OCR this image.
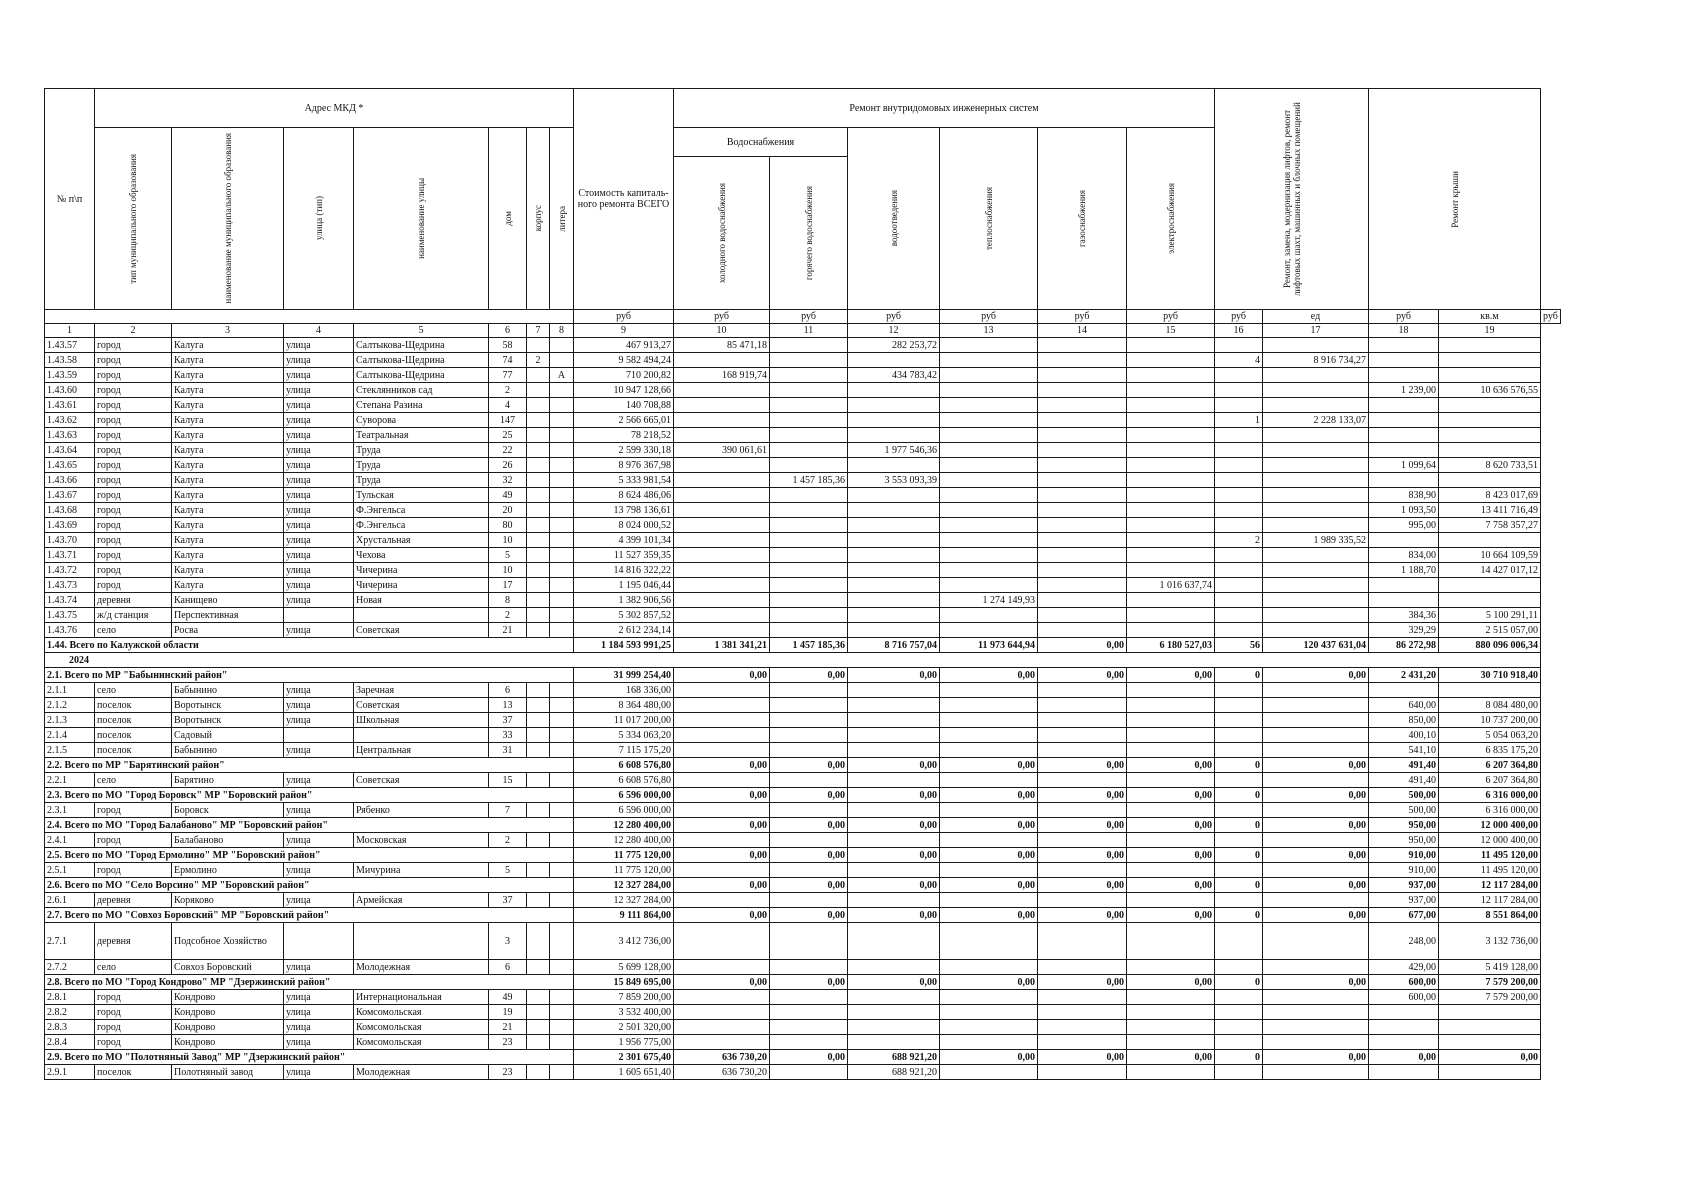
№ п\п	Адрес МКД *							Стоимость капиталь-ного ремонта ВСЕГО	Ремонт внутридомовых инженерных систем						Ремонт, замена, модернизация лифтов, ремонт лифтовых шахт, машинных и блочных помещений		Ремонт крыши		

	тип муниципального образования	наименование муниципального образования	улица (тип)	наименование улицы	дом	корпус	литера		Водоснабжения		водоотведения	теплоснабжения	газоснабжения	электроснабжения					

									холодного водоснабжения	горячего водоснабжения									

								руб	руб	руб	руб	руб	руб	руб	руб	ед	руб	кв.м	руб
1	2	3	4	5	6	7	8	9	10	11	12	13	14	15	16	17	18	19	
1.43.57	город	Калуга	улица	Салтыкова-Щедрина	58			467 913,27	85 471,18		282 253,72								
1.43.58	город	Калуга	улица	Салтыкова-Щедрина	74	2		9 582 494,24							4	8 916 734,27			
1.43.59	город	Калуга	улица	Салтыкова-Щедрина	77		А	710 200,82	168 919,74		434 783,42								
1.43.60	город	Калуга	улица	Стеклянников сад	2			10 947 128,66									1 239,00	10 636 576,55	
1.43.61	город	Калуга	улица	Степана Разина	4			140 708,88											
1.43.62	город	Калуга	улица	Суворова	147			2 566 665,01							1	2 228 133,07			
1.43.63	город	Калуга	улица	Театральная	25			78 218,52											
1.43.64	город	Калуга	улица	Труда	22			2 599 330,18	390 061,61		1 977 546,36								
1.43.65	город	Калуга	улица	Труда	26			8 976 367,98									1 099,64	8 620 733,51	
1.43.66	город	Калуга	улица	Труда	32			5 333 981,54		1 457 185,36	3 553 093,39								
1.43.67	город	Калуга	улица	Тульская	49			8 624 486,06									838,90	8 423 017,69	
1.43.68	город	Калуга	улица	Ф.Энгельса	20			13 798 136,61									1 093,50	13 411 716,49	
1.43.69	город	Калуга	улица	Ф.Энгельса	80			8 024 000,52									995,00	7 758 357,27	
1.43.70	город	Калуга	улица	Хрустальная	10			4 399 101,34							2	1 989 335,52			
1.43.71	город	Калуга	улица	Чехова	5			11 527 359,35									834,00	10 664 109,59	
1.43.72	город	Калуга	улица	Чичерина	10			14 816 322,22									1 188,70	14 427 017,12	
1.43.73	город	Калуга	улица	Чичерина	17			1 195 046,44						1 016 637,74					
1.43.74	деревня	Канищево	улица	Новая	8			1 382 906,56				1 274 149,93							
1.43.75	ж/д станция	Перспективная			2			5 302 857,52									384,36	5 100 291,11	
1.43.76	село	Росва	улица	Советская	21			2 612 234,14									329,29	2 515 057,00	
1.44. Всего по Калужской области								1 184 593 991,25	1 381 341,21	1 457 185,36	8 716 757,04	11 973 644,94	0,00	6 180 527,03	56	120 437 631,04	86 272,98	880 096 006,34	
2024																			
2.1. Всего по МР "Бабынинский район"								31 999 254,40	0,00	0,00	0,00	0,00	0,00	0,00	0	0,00	2 431,20	30 710 918,40	
2.1.1	село	Бабынино	улица	Заречная	6			168 336,00											
2.1.2	поселок	Воротынск	улица	Советская	13			8 364 480,00									640,00	8 084 480,00	
2.1.3	поселок	Воротынск	улица	Школьная	37			11 017 200,00									850,00	10 737 200,00	
2.1.4	поселок	Садовый			33			5 334 063,20									400,10	5 054 063,20	
2.1.5	поселок	Бабынино	улица	Центральная	31			7 115 175,20									541,10	6 835 175,20	
2.2. Всего по МР "Барятинский район"								6 608 576,80	0,00	0,00	0,00	0,00	0,00	0,00	0	0,00	491,40	6 207 364,80	
2.2.1	село	Барятино	улица	Советская	15			6 608 576,80									491,40	6 207 364,80	
2.3. Всего по МО "Город Боровск" МР "Боровский район"								6 596 000,00	0,00	0,00	0,00	0,00	0,00	0,00	0	0,00	500,00	6 316 000,00	
2.3.1	город	Боровск	улица	Рябенко	7			6 596 000,00									500,00	6 316 000,00	
2.4. Всего по МО "Город Балабаново" МР "Боровский район"								12 280 400,00	0,00	0,00	0,00	0,00	0,00	0,00	0	0,00	950,00	12 000 400,00	
2.4.1	город	Балабаново	улица	Московская	2			12 280 400,00									950,00	12 000 400,00	
2.5. Всего по МО "Город Ермолино" МР "Боровский район"								11 775 120,00	0,00	0,00	0,00	0,00	0,00	0,00	0	0,00	910,00	11 495 120,00	
2.5.1	город	Ермолино	улица	Мичурина	5			11 775 120,00									910,00	11 495 120,00	
2.6. Всего по МО "Село Ворсино" МР "Боровский район"								12 327 284,00	0,00	0,00	0,00	0,00	0,00	0,00	0	0,00	937,00	12 117 284,00	
2.6.1	деревня	Коряково	улица	Армейская	37			12 327 284,00									937,00	12 117 284,00	
2.7. Всего по МО "Совхоз Боровский" МР "Боровский район"								9 111 864,00	0,00	0,00	0,00	0,00	0,00	0,00	0	0,00	677,00	8 551 864,00	
2.7.1	деревня	Подсобное Хозяйство			3			3 412 736,00									248,00	3 132 736,00	
2.7.2	село	Совхоз Боровский	улица	Молодежная	6			5 699 128,00									429,00	5 419 128,00	
2.8. Всего по МО "Город Кондрово" МР "Дзержинский район"								15 849 695,00	0,00	0,00	0,00	0,00	0,00	0,00	0	0,00	600,00	7 579 200,00	
2.8.1	город	Кондрово	улица	Интернациональная	49			7 859 200,00									600,00	7 579 200,00	
2.8.2	город	Кондрово	улица	Комсомольская	19			3 532 400,00											
2.8.3	город	Кондрово	улица	Комсомольская	21			2 501 320,00											
2.8.4	город	Кондрово	улица	Комсомольская	23			1 956 775,00											
2.9. Всего по МО "Полотняный Завод" МР "Дзержинский район"								2 301 675,40	636 730,20	0,00	688 921,20	0,00	0,00	0,00	0	0,00	0,00	0,00	
2.9.1	поселок	Полотняный завод	улица	Молодежная	23			1 605 651,40	636 730,20		688 921,20								
